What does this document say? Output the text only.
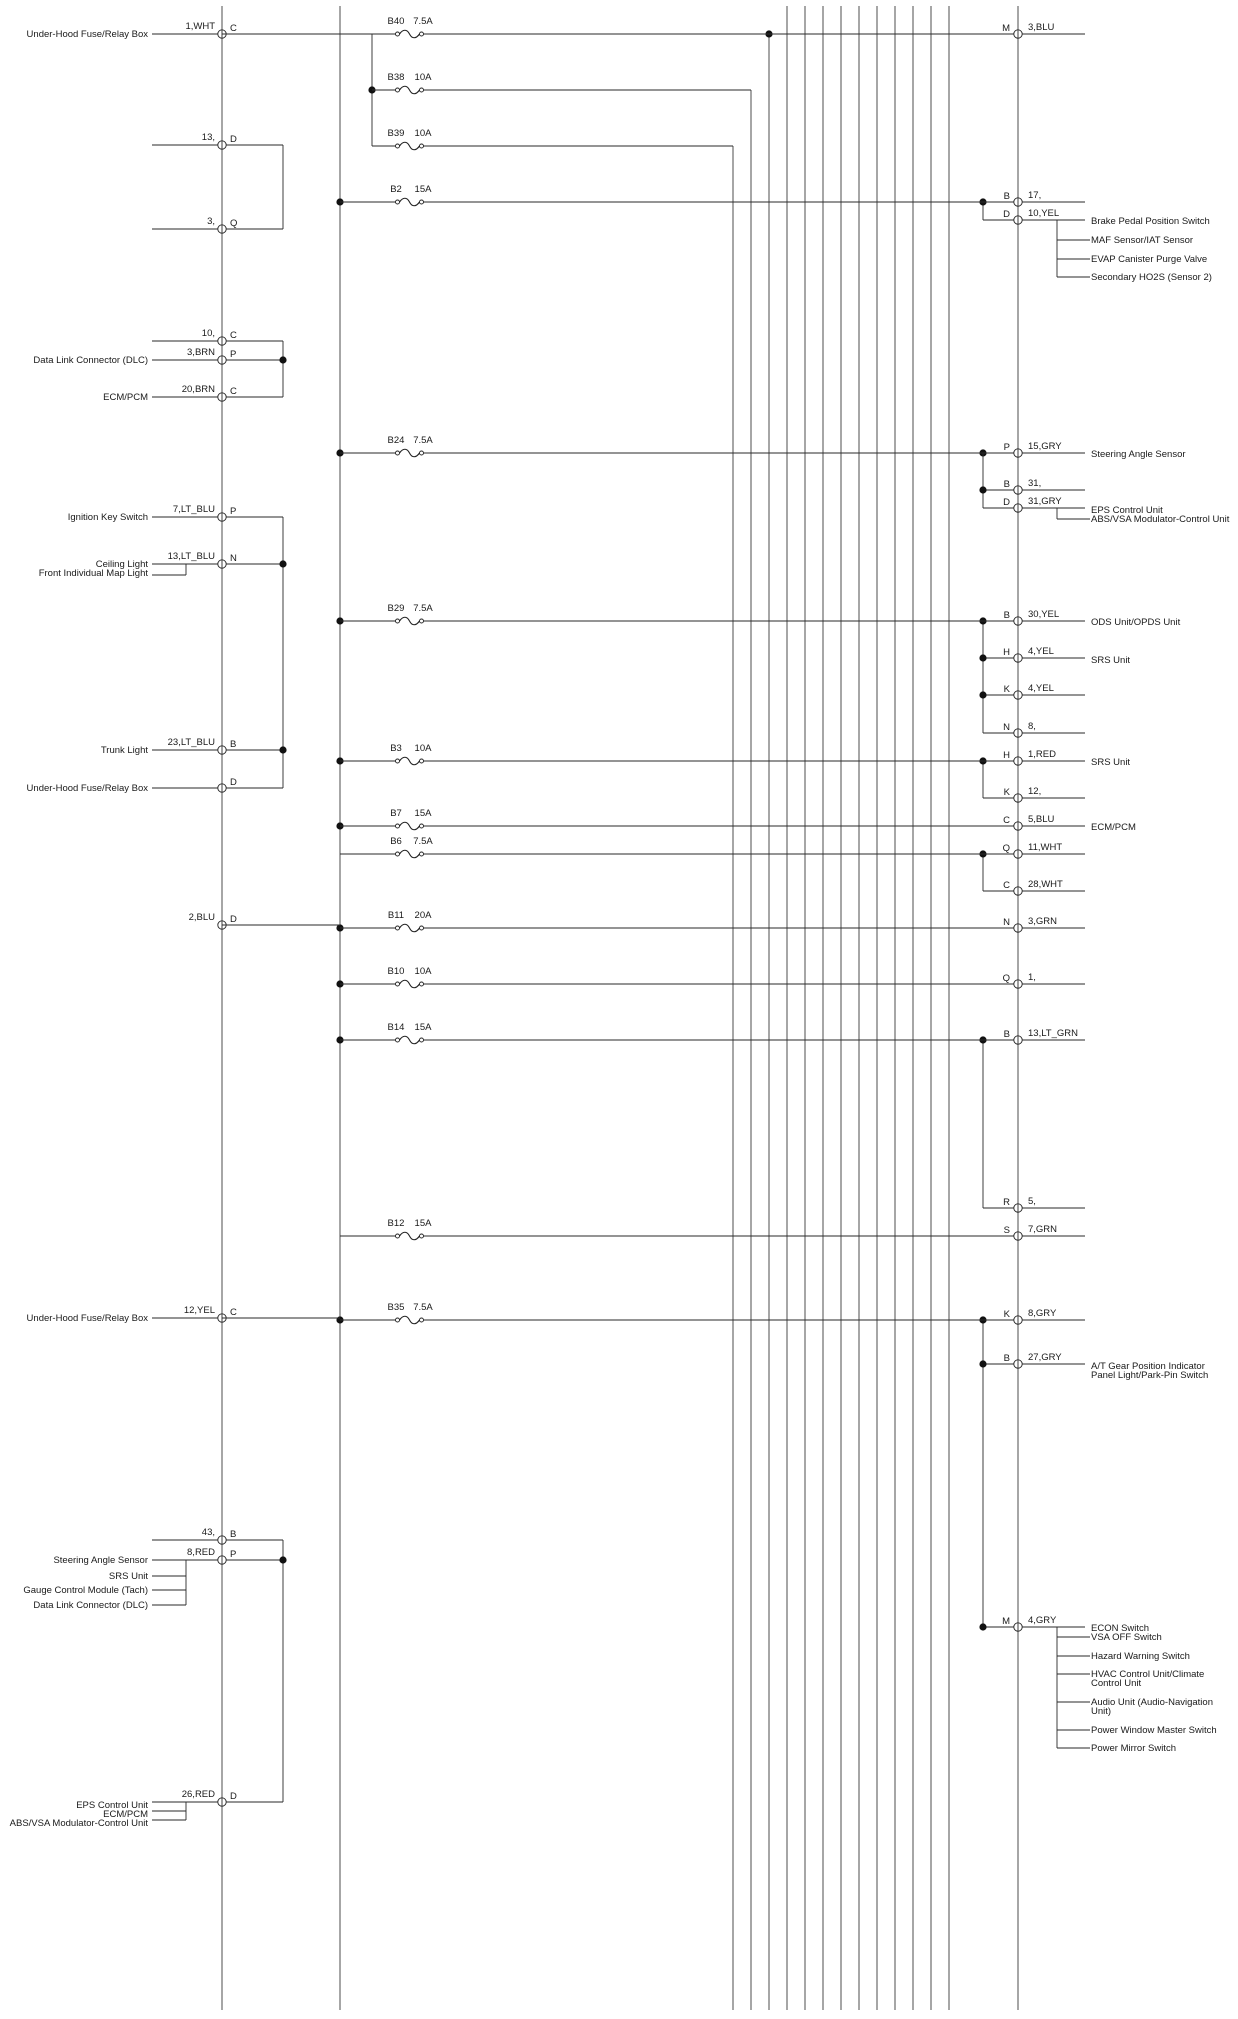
1,WHT C
Under-Hood Fuse/Relay Box
13, D
3, Q
10, C
3,BRN P
Data Link Connector (DLC)
20,BRN C
ECM/PCM
7,LT_BLU P
Ignition Key Switch
13,LT_BLU N
Ceiling Light
Front Individual Map Light
23,LT_BLU B
Trunk Light
D
Under-Hood Fuse/Relay Box
2,BLU D
12,YEL C
Under-Hood Fuse/Relay Box
43, B
8,RED P
Steering Angle Sensor
SRS Unit
Gauge Control Module (Tach)
Data Link Connector (DLC)
26,RED D
EPS Control Unit
ECM/PCM
ABS/VSA Modulator-Control Unit
B40 7.5A
B38 10A
B39 10A
B2 15A
B24 7.5A
B29 7.5A
B3 10A
B7 15A
B6 7.5A
B11 20A
B10 10A
B14 15A
B12 15A
B35 7.5A
M 3,BLU
B 17,
D 10,YEL
P 15,GRY
B 31,
D 31,GRY
B 30,YEL
H 4,YEL
K 4,YEL
N 8,
H 1,RED
K 12,
C 5,BLU
Q 11,WHT
C 28,WHT
N 3,GRN
Q 1,
B 13,LT_GRN
R 5,
S 7,GRN
K 8,GRY
B 27,GRY
M 4,GRY
Brake Pedal Position Switch
MAF Sensor/IAT Sensor
EVAP Canister Purge Valve
Secondary HO2S (Sensor 2)
Steering Angle Sensor
EPS Control Unit
ABS/VSA Modulator-Control Unit
ODS Unit/OPDS Unit
SRS Unit
SRS Unit
ECM/PCM
A/T Gear Position Indicator
Panel Light/Park-Pin Switch
ECON Switch
VSA OFF Switch
Hazard Warning Switch
HVAC Control Unit/Climate
Control Unit
Audio Unit (Audio-Navigation
Unit)
Power Window Master Switch
Power Mirror Switch
